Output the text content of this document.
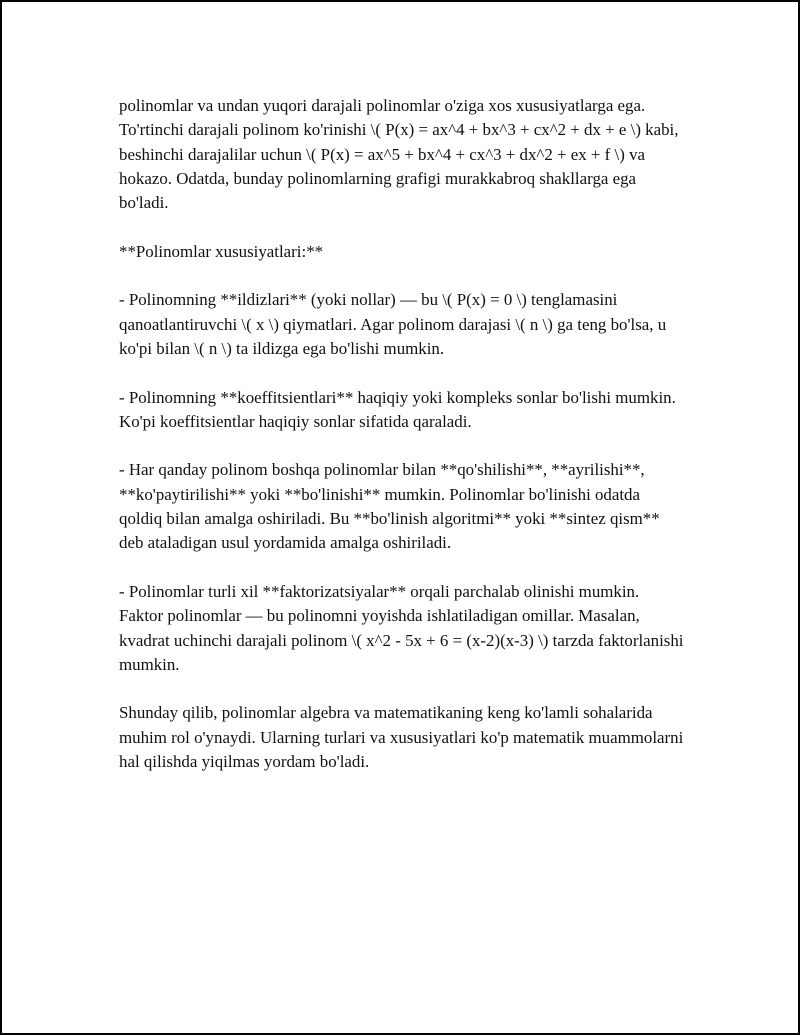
polinomlar va undan yuqori darajali polinomlar o'ziga xos xususiyatlarga ega. To'rtinchi darajali polinom ko'rinishi \( P(x) = ax^4 + bx^3 + cx^2 + dx + e \) kabi, beshinchi darajalilar uchun \( P(x) = ax^5 + bx^4 + cx^3 + dx^2 + ex + f \) va hokazo. Odatda, bunday polinomlarning grafigi murakkabroq shakllarga ega bo'ladi.

**Polinomlar xususiyatlari:**

- Polinomning **ildizlari** (yoki nollar) — bu \( P(x) = 0 \) tenglamasini qanoatlantiruvchi \( x \) qiymatlari. Agar polinom darajasi \( n \) ga teng bo'lsa, u ko'pi bilan \( n \) ta ildizga ega bo'lishi mumkin.

- Polinomning **koeffitsientlari** haqiqiy yoki kompleks sonlar bo'lishi mumkin. Ko'pi koeffitsientlar haqiqiy sonlar sifatida qaraladi.

- Har qanday polinom boshqa polinomlar bilan **qo'shilishi**, **ayrilishi**, **ko'paytirilishi** yoki **bo'linishi** mumkin. Polinomlar bo'linishi odatda qoldiq bilan amalga oshiriladi. Bu **bo'linish algoritmi** yoki **sintez qism** deb ataladigan usul yordamida amalga oshiriladi.

- Polinomlar turli xil **faktorizatsiyalar** orqali parchalab olinishi mumkin. Faktor polinomlar — bu polinomni yoyishda ishlatiladigan omillar. Masalan, kvadrat uchinchi darajali polinom \( x^2 - 5x + 6 = (x-2)(x-3) \) tarzda faktorlanishi mumkin.

Shunday qilib, polinomlar algebra va matematikaning keng ko'lamli sohalarida muhim rol o'ynaydi. Ularning turlari va xususiyatlari ko'p matematik muammolarni hal qilishda yiqilmas yordam bo'ladi.
